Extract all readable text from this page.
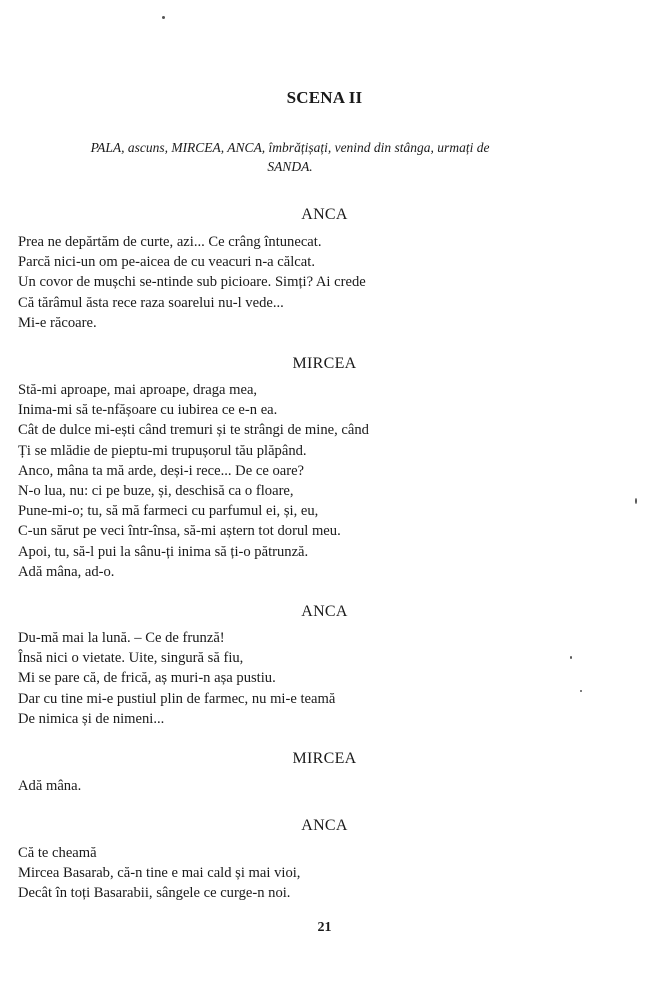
SCENA II
PALA, ascuns, MIRCEA, ANCA, îmbrățișați, venind din stânga, urmați de SANDA.
ANCA
Prea ne depărtăm de curte, azi... Ce crâng întunecat.
Parcă nici-un om pe-aicea de cu veacuri n-a călcat.
Un covor de mușchi se-ntinde sub picioare. Simți? Ai crede
Că tărâmul ăsta rece raza soarelui nu-l vede...
Mi-e răcoare.
MIRCEA
Stă-mi aproape, mai aproape, draga mea,
Inima-mi să te-nfășoare cu iubirea ce e-n ea.
Cât de dulce mi-ești când tremuri și te strângi de mine, când
Ți se mlădie de pieptu-mi trupușorul tău plăpând.
Anco, mâna ta mă arde, deși-i rece... De ce oare?
N-o lua, nu: ci pe buze, și, deschisă ca o floare,
Pune-mi-o; tu, să mă farmeci cu parfumul ei, și, eu,
C-un sărut pe veci într-însa, să-mi aștern tot dorul meu.
Apoi, tu, să-l pui la sânu-ți inima să ți-o pătrunză.
Adă mâna, ad-o.
ANCA
Du-mă mai la lună. – Ce de frunză!
Însă nici o vietate. Uite, singură să fiu,
Mi se pare că, de frică, aș muri-n așa pustiu.
Dar cu tine mi-e pustiul plin de farmec, nu mi-e teamă
De nimica și de nimeni...
MIRCEA
Adă mâna.
ANCA
Că te cheamă
Mircea Basarab, că-n tine e mai cald și mai vioi,
Decât în toți Basarabii, sângele ce curge-n noi.
21
